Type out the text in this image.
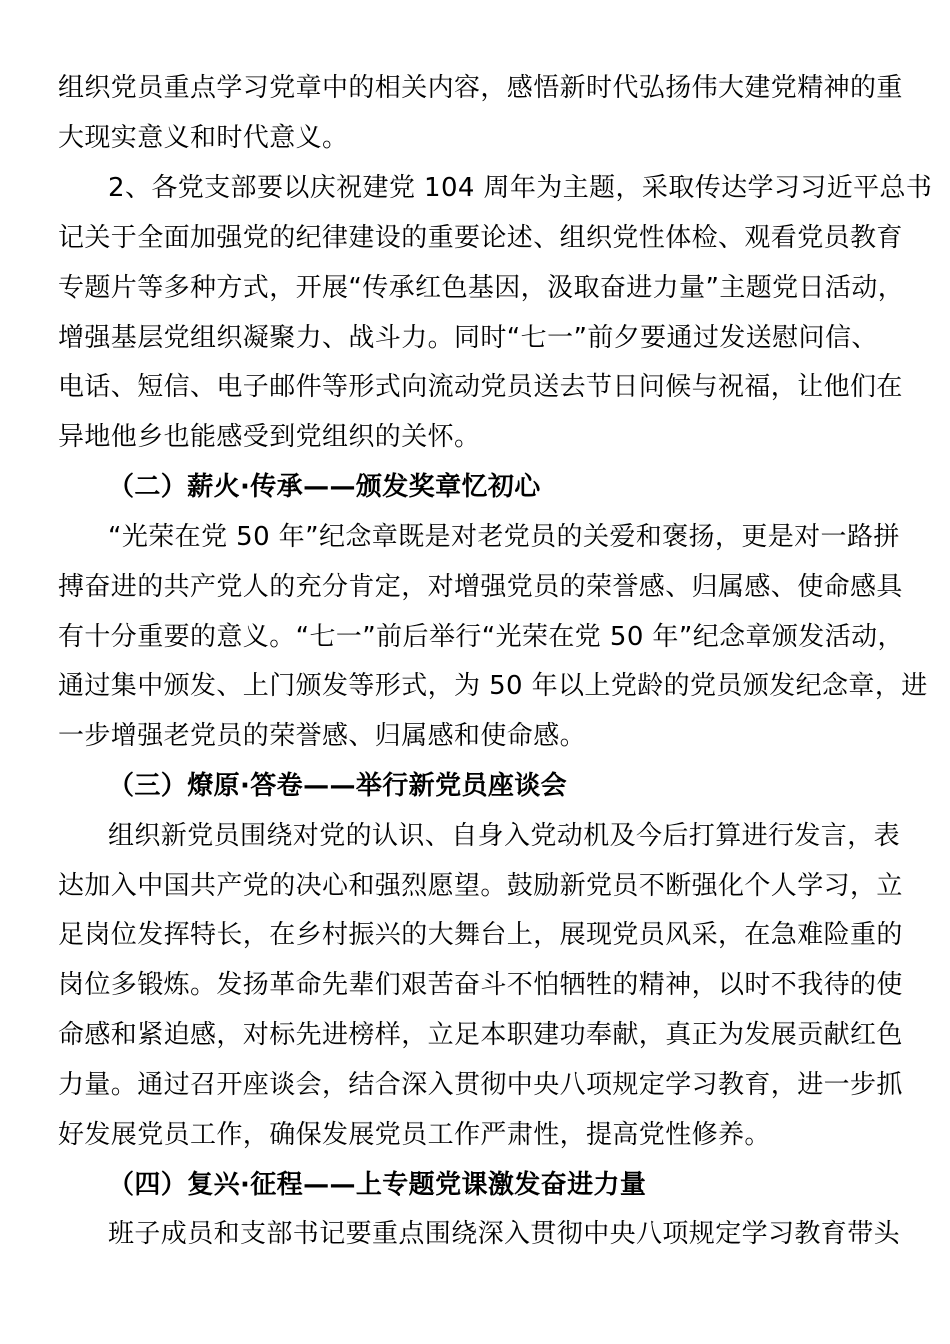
组织党员重点学习党章中的相关内容，感悟新时代弘扬伟大建党精神的重
大现实意义和时代意义。
2、各党支部要以庆祝建党 104 周年为主题，采取传达学习习近平总书
记关于全面加强党的纪律建设的重要论述、组织党性体检、观看党员教育
专题片等多种方式，开展“传承红色基因，汲取奋进力量”主题党日活动，
增强基层党组织凝聚力、战斗力。同时“七一”前夕要通过发送慰问信、
电话、短信、电子邮件等形式向流动党员送去节日问候与祝福，让他们在
异地他乡也能感受到党组织的关怀。
（二）薪火·传承——颁发奖章忆初心
“光荣在党 50 年”纪念章既是对老党员的关爱和褒扬，更是对一路拼
搏奋进的共产党人的充分肯定，对增强党员的荣誉感、归属感、使命感具
有十分重要的意义。“七一”前后举行“光荣在党 50 年”纪念章颁发活动，
通过集中颁发、上门颁发等形式，为 50 年以上党龄的党员颁发纪念章，进
一步增强老党员的荣誉感、归属感和使命感。
（三）燎原·答卷——举行新党员座谈会
组织新党员围绕对党的认识、自身入党动机及今后打算进行发言，表
达加入中国共产党的决心和强烈愿望。鼓励新党员不断强化个人学习，立
足岗位发挥特长，在乡村振兴的大舞台上，展现党员风采，在急难险重的
岗位多锻炼。发扬革命先辈们艰苦奋斗不怕牺牲的精神，以时不我待的使
命感和紧迫感，对标先进榜样，立足本职建功奉献，真正为发展贡献红色
力量。通过召开座谈会，结合深入贯彻中央八项规定学习教育，进一步抓
好发展党员工作，确保发展党员工作严肃性，提高党性修养。
（四）复兴·征程——上专题党课激发奋进力量
班子成员和支部书记要重点围绕深入贯彻中央八项规定学习教育带头
